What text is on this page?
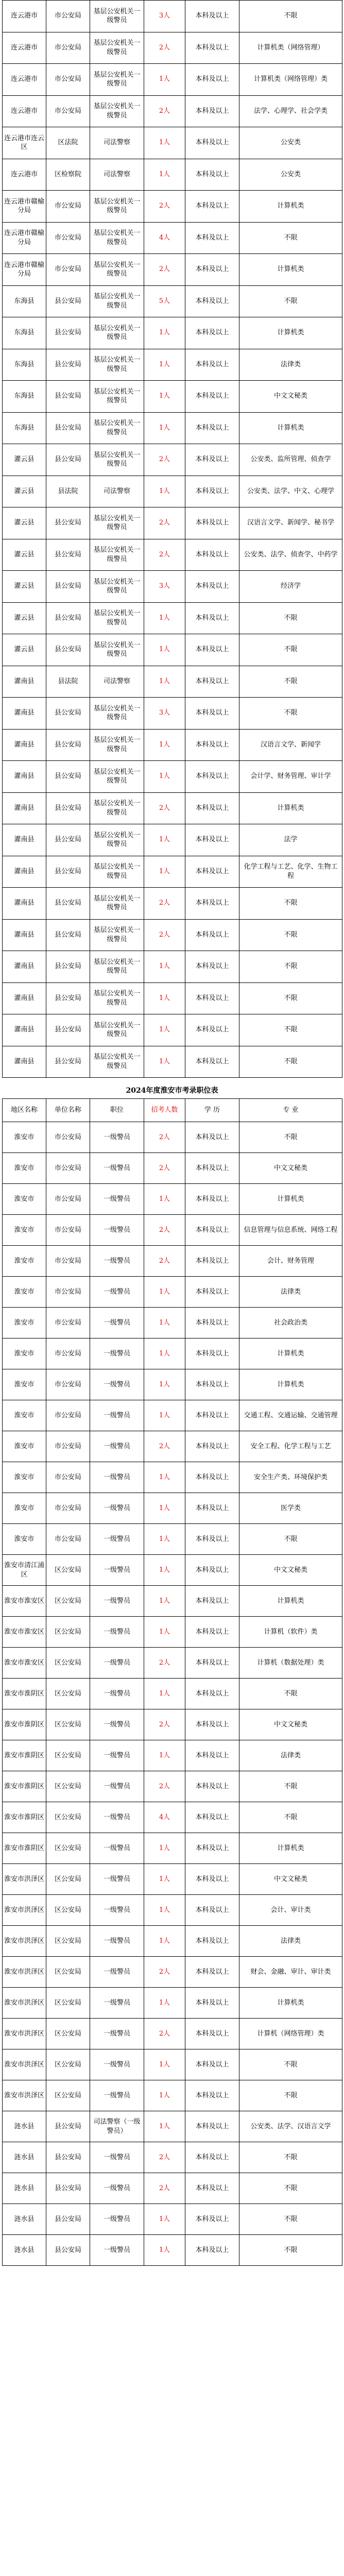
连云港市	市公安局	基层公安机关一级警员	3人	本科及以上	不限
连云港市	市公安局	基层公安机关一级警员	2人	本科及以上	计算机类（网络管理）
连云港市	市公安局	基层公安机关一级警员	1人	本科及以上	计算机类（网络管理）类
连云港市	市公安局	基层公安机关一级警员	2人	本科及以上	法学、心理学、社会学类
连云港市连云区	区法院	司法警察	1人	本科及以上	公安类
连云港市	区检察院	司法警察	1人	本科及以上	公安类
连云港市赣榆分局	市公安局	基层公安机关一级警员	2人	本科及以上	计算机类
连云港市赣榆分局	市公安局	基层公安机关一级警员	4人	本科及以上	不限
连云港市赣榆分局	市公安局	基层公安机关一级警员	2人	本科及以上	计算机类
东海县	县公安局	基层公安机关一级警员	5人	本科及以上	不限
东海县	县公安局	基层公安机关一级警员	1人	本科及以上	计算机类
东海县	县公安局	基层公安机关一级警员	1人	本科及以上	法律类
东海县	县公安局	基层公安机关一级警员	1人	本科及以上	中文文秘类
东海县	县公安局	基层公安机关一级警员	1人	本科及以上	计算机类
灌云县	县公安局	基层公安机关一级警员	2人	本科及以上	公安类、监所管理、侦查学
灌云县	县法院	司法警察	1人	本科及以上	公安类、法学、中文、心理学
灌云县	县公安局	基层公安机关一级警员	2人	本科及以上	汉语言文学、新闻学、秘书学
灌云县	县公安局	基层公安机关一级警员	2人	本科及以上	公安类、法学、侦查学、中药学
灌云县	县公安局	基层公安机关一级警员	3人	本科及以上	经济学
灌云县	县公安局	基层公安机关一级警员	1人	本科及以上	不限
灌云县	县公安局	基层公安机关一级警员	1人	本科及以上	不限
灌南县	县法院	司法警察	1人	本科及以上	不限
灌南县	县公安局	基层公安机关一级警员	3人	本科及以上	不限
灌南县	县公安局	基层公安机关一级警员	1人	本科及以上	汉语言文学、新闻学
灌南县	县公安局	基层公安机关一级警员	1人	本科及以上	会计学、财务管理、审计学
灌南县	县公安局	基层公安机关一级警员	2人	本科及以上	计算机类
灌南县	县公安局	基层公安机关一级警员	1人	本科及以上	法学
灌南县	县公安局	基层公安机关一级警员	1人	本科及以上	化学工程与工艺、化学、生物工程
灌南县	县公安局	基层公安机关一级警员	2人	本科及以上	不限
灌南县	县公安局	基层公安机关一级警员	2人	本科及以上	不限
灌南县	县公安局	基层公安机关一级警员	1人	本科及以上	不限
灌南县	县公安局	基层公安机关一级警员	1人	本科及以上	不限
灌南县	县公安局	基层公安机关一级警员	1人	本科及以上	不限
灌南县	县公安局	基层公安机关一级警员	1人	本科及以上	不限
2024年度淮安市考录职位表
地区名称	单位名称	职位	招考人数	学 历	专 业
淮安市	市公安局	一级警员	2人	本科及以上	不限
淮安市	市公安局	一级警员	2人	本科及以上	中文文秘类
淮安市	市公安局	一级警员	1人	本科及以上	计算机类
淮安市	市公安局	一级警员	2人	本科及以上	信息管理与信息系统、网络工程
淮安市	市公安局	一级警员	2人	本科及以上	会计、财务管理
淮安市	市公安局	一级警员	1人	本科及以上	法律类
淮安市	市公安局	一级警员	1人	本科及以上	社会政治类
淮安市	市公安局	一级警员	1人	本科及以上	计算机类
淮安市	市公安局	一级警员	1人	本科及以上	计算机类
淮安市	市公安局	一级警员	1人	本科及以上	交通工程、交通运输、交通管理
淮安市	市公安局	一级警员	2人	本科及以上	安全工程、化学工程与工艺
淮安市	市公安局	一级警员	1人	本科及以上	安全生产类、环境保护类
淮安市	市公安局	一级警员	1人	本科及以上	医学类
淮安市	市公安局	一级警员	1人	本科及以上	不限
淮安市清江浦区	区公安局	一级警员	1人	本科及以上	中文文秘类
淮安市淮安区	区公安局	一级警员	1人	本科及以上	计算机类
淮安市淮安区	区公安局	一级警员	1人	本科及以上	计算机（软件）类
淮安市淮安区	区公安局	一级警员	2人	本科及以上	计算机（数据处理）类
淮安市淮阴区	区公安局	一级警员	1人	本科及以上	不限
淮安市淮阴区	区公安局	一级警员	2人	本科及以上	中文文秘类
淮安市淮阴区	区公安局	一级警员	1人	本科及以上	法律类
淮安市淮阴区	区公安局	一级警员	2人	本科及以上	不限
淮安市淮阴区	区公安局	一级警员	4人	本科及以上	不限
淮安市淮阴区	区公安局	一级警员	1人	本科及以上	计算机类
淮安市洪泽区	区公安局	一级警员	1人	本科及以上	中文文秘类
淮安市洪泽区	区公安局	一级警员	1人	本科及以上	会计、审计类
淮安市洪泽区	区公安局	一级警员	1人	本科及以上	法律类
淮安市洪泽区	区公安局	一级警员	2人	本科及以上	财会、金融、审计、审计类
淮安市洪泽区	区公安局	一级警员	1人	本科及以上	计算机类
淮安市洪泽区	区公安局	一级警员	2人	本科及以上	计算机（网络管理）类
淮安市洪泽区	区公安局	一级警员	1人	本科及以上	不限
淮安市洪泽区	区公安局	一级警员	1人	本科及以上	不限
涟水县	县公安局	司法警察（一级警员）	1人	本科及以上	公安类、法学、汉语言文学
涟水县	县公安局	一级警员	2人	本科及以上	不限
涟水县	县公安局	一级警员	2人	本科及以上	不限
涟水县	县公安局	一级警员	1人	本科及以上	不限
涟水县	县公安局	一级警员	1人	本科及以上	不限
